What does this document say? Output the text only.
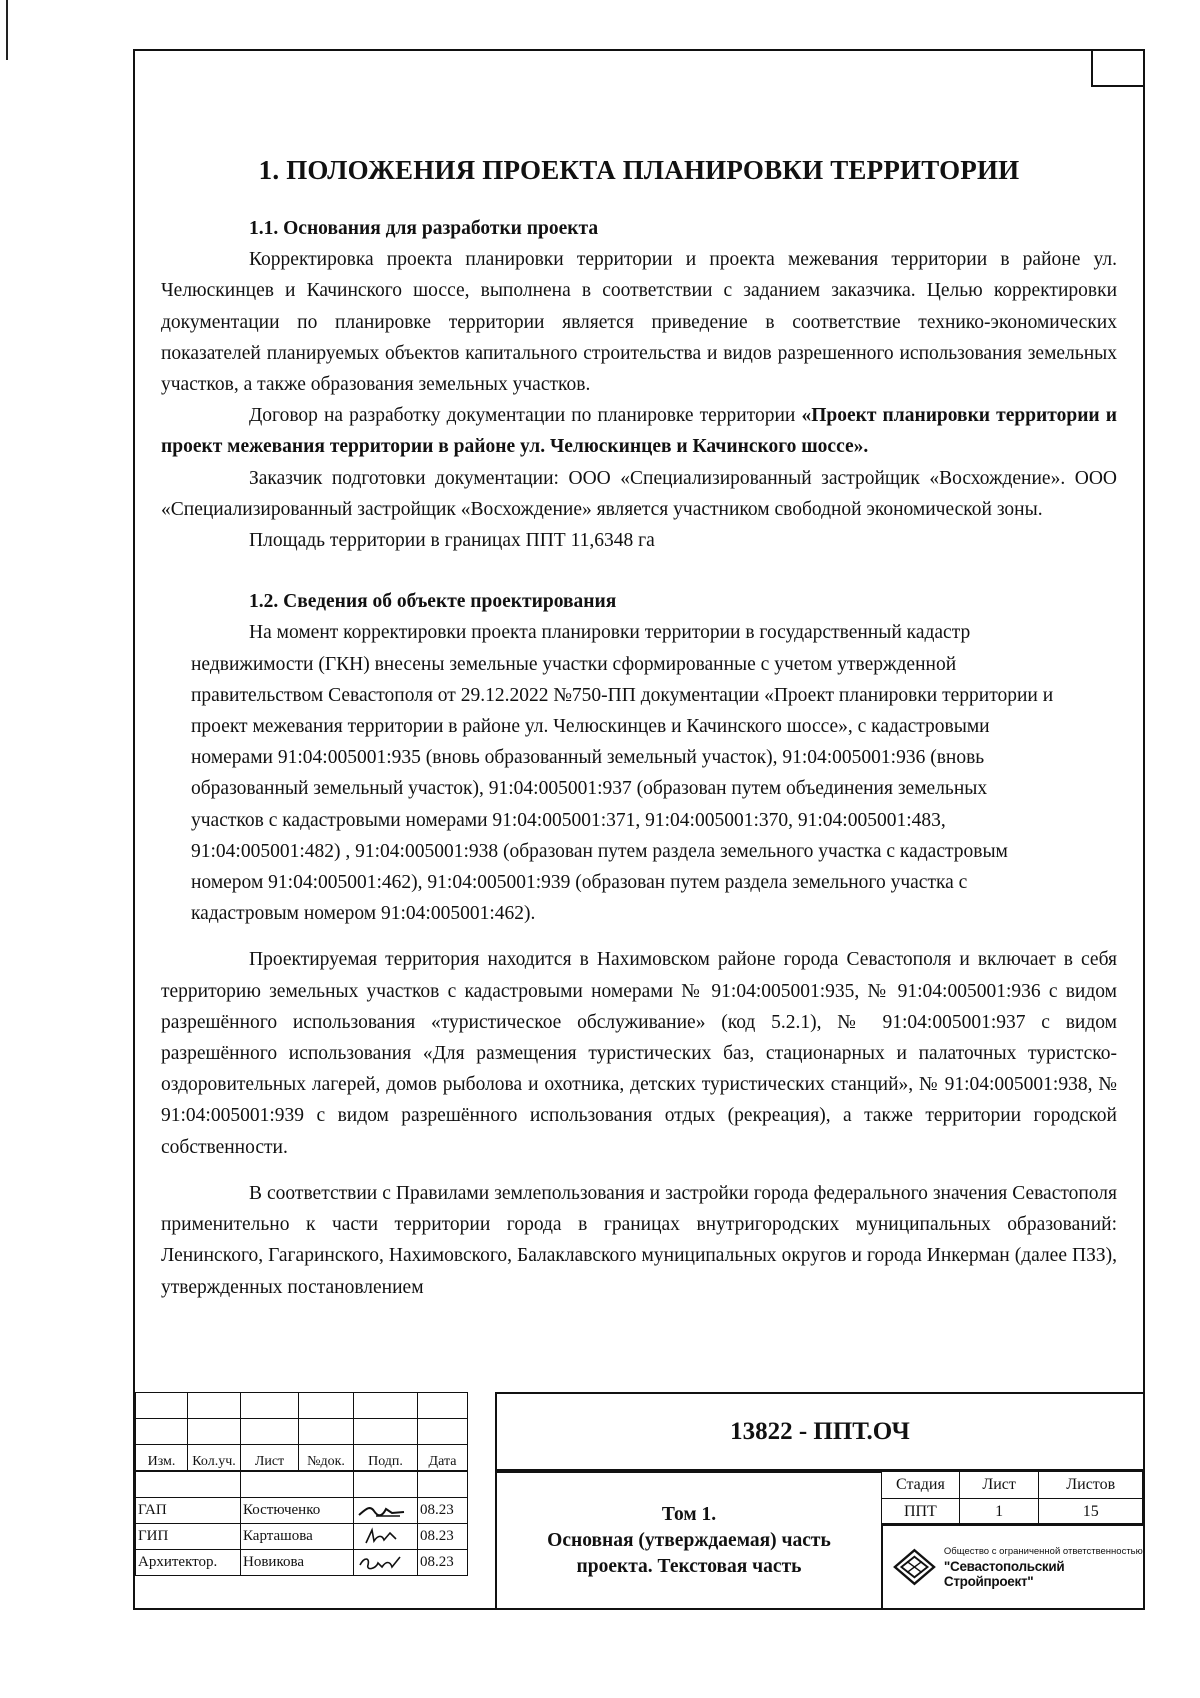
1. ПОЛОЖЕНИЯ ПРОЕКТА ПЛАНИРОВКИ ТЕРРИТОРИИ

1.1. Основания для разработки проекта

Корректировка проекта планировки территории и проекта межевания территории в районе ул. Челюскинцев и Качинского шоссе, выполнена в соответствии с заданием заказчика. Целью корректировки документации по планировке территории является приведение в соответствие технико-экономических показателей планируемых объектов капитального строительства и видов разрешенного использования земельных участков, а также образования земельных участков.

Договор на разработку документации по планировке территории «Проект планировки территории и проект межевания территории в районе ул. Челюскинцев и Качинского шоссе».

Заказчик подготовки документации: ООО «Специализированный застройщик «Восхождение». ООО «Специализированный застройщик «Восхождение» является участником свободной экономической зоны.

Площадь территории в границах ППТ 11,6348 га

1.2. Сведения об объекте проектирования

На момент корректировки проекта планировки территории в государственный кадастр недвижимости (ГКН) внесены земельные участки сформированные с учетом утвержденной правительством Севастополя от 29.12.2022 №750-ПП документации «Проект планировки территории и проект межевания территории в районе ул. Челюскинцев и Качинского шоссе», с кадастровыми номерами 91:04:005001:935 (вновь образованный земельный участок), 91:04:005001:936 (вновь образованный земельный участок), 91:04:005001:937 (образован путем объединения земельных участков с кадастровыми номерами 91:04:005001:371, 91:04:005001:370, 91:04:005001:483, 91:04:005001:482) , 91:04:005001:938 (образован путем раздела земельного участка с кадастровым номером 91:04:005001:462), 91:04:005001:939 (образован путем раздела земельного участка с кадастровым номером 91:04:005001:462).

Проектируемая территория находится в Нахимовском районе города Севастополя и включает в себя территорию земельных участков с кадастровыми номерами № 91:04:005001:935, № 91:04:005001:936 с видом разрешённого использования «туристическое обслуживание» (код 5.2.1), № 91:04:005001:937 с видом разрешённого использования «Для размещения туристических баз, стационарных и палаточных туристско-оздоровительных лагерей, домов рыболова и охотника, детских туристических станций», № 91:04:005001:938, № 91:04:005001:939 с видом разрешённого использования отдых (рекреация), а также территории городской собственности.

В соответствии с Правилами землепользования и застройки города федерального значения Севастополя применительно к части территории города в границах внутригородских муниципальных образований: Ленинского, Гагаринского, Нахимовского, Балаклавского муниципальных округов и города Инкерман (далее ПЗЗ), утвержденных постановлением

Изм.	Кол.уч.	Лист	№док.	Подп.	Дата

ГАП		Костюченко			08.23
ГИП		Карташова			08.23
Архитектор.		Новикова			08.23
13822 - ППТ.ОЧ
Том 1.
Основная (утверждаемая) часть
проекта. Текстовая часть
Стадия	Лист	Листов
ППТ	1	15
Общество с ограниченной ответственностью
"Севастопольский Стройпроект"
